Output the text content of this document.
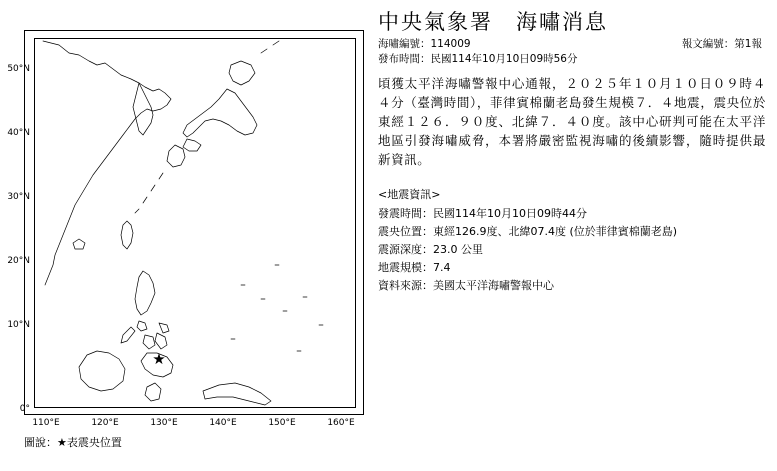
★
50°N
40°N
30°N
20°N
10°N
0°
110°E	120°E	130°E	140°E	150°E	160°E
圖說：★表震央位置
中央氣象署　海嘯消息
海嘯編號：114009	報文編號：第1報
發布時間：民國114年10月10日09時56分
頃獲太平洋海嘯警報中心通報，２０２５年１０月１０日０９時４４分（臺灣時間），菲律賓棉蘭老島發生規模７．４地震，震央位於東經１２６．９０度、北緯７．４０度。該中心研判可能在太平洋地區引發海嘯威脅，本署將嚴密監視海嘯的後續影響，隨時提供最新資訊。
<地震資訊>
發震時間：民國114年10月10日09時44分
震央位置：東經126.9度、北緯07.4度 (位於菲律賓棉蘭老島)
震源深度：23.0 公里
地震規模：7.4
資料來源：美國太平洋海嘯警報中心
